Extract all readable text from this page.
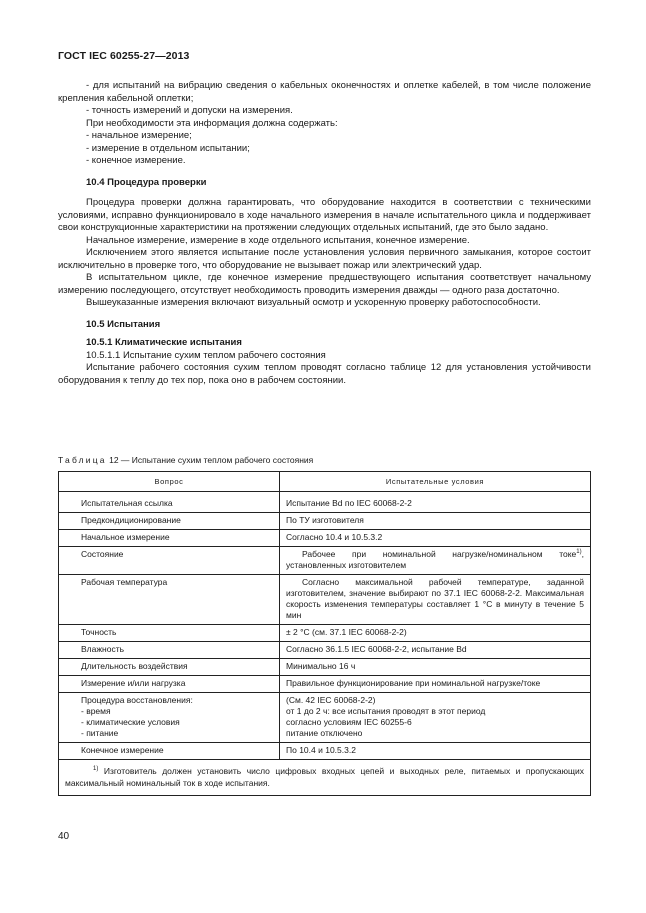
ГОСТ IEC 60255-27—2013

- для испытаний на вибрацию сведения о кабельных оконечностях и оплетке кабелей, в том числе положение крепления кабельной оплетки;

- точность измерений и допуски на измерения.

При необходимости эта информация должна содержать:

- начальное измерение;

- измерение в отдельном испытании;

- конечное измерение.

10.4 Процедура проверки

Процедура проверки должна гарантировать, что оборудование находится в соответствии с техническими условиями, исправно функционировало в ходе начального измерения в начале испытательного цикла и поддерживает свои конструкционные характеристики на протяжении следующих отдельных испытаний, где это было задано.

Начальное измерение, измерение в ходе отдельного испытания, конечное измерение.

Исключением этого является испытание после установления условия первичного замыкания, которое состоит исключительно в проверке того, что оборудование не вызывает пожар или электрический удар.

В испытательном цикле, где конечное измерение предшествующего испытания соответствует начальному измерению последующего, отсутствует необходимость проводить измерения дважды — одного раза достаточно.

Вышеуказанные измерения включают визуальный осмотр и ускоренную проверку работоспособности.

10.5 Испытания

10.5.1 Климатические испытания

10.5.1.1 Испытание сухим теплом рабочего состояния

Испытание рабочего состояния сухим теплом проводят согласно таблице 12 для установления устойчивости оборудования к теплу до тех пор, пока оно в рабочем состоянии.

Таблица 12 — Испытание сухим теплом рабочего состояния
Вопрос	Испытательные условия
Испытательная ссылка	Испытание Bd по IEC 60068-2-2
Предкондиционирование	По ТУ изготовителя
Начальное измерение	Согласно 10.4 и 10.5.3.2
Состояние	Рабочее при номинальной нагрузке/номинальном токе$^{1)}$, установленных изготовителем

Рабочая температура	Согласно максимальной рабочей температуре, заданной изготовителем, значение выбирают по 37.1 IEC 60068-2-2. Максимальная скорость изменения температуры составляет 1 °C в минуту в течение 5 мин

Точность	± 2 °C (см. 37.1 IEC 60068-2-2)
Влажность	Согласно 36.1.5 IEC 60068-2-2, испытание Bd
Длительность воздействия	Минимально 16 ч
Измерение и/или нагрузка	Правильное функционирование при номинальной нагрузке/токе

Процедура восстановления:
- время
- климатические условия
- питание	(См. 42 IEC 60068-2-2)
от 1 до 2 ч: все испытания проводят в этот период
согласно условиям IEC 60255-6
питание отключено

Конечное измерение	По 10.4 и 10.5.3.2

$^{1)}$ Изготовитель должен установить число цифровых входных цепей и выходных реле, питаемых и пропускающих максимальный номинальный ток в ходе испытания.	
40
